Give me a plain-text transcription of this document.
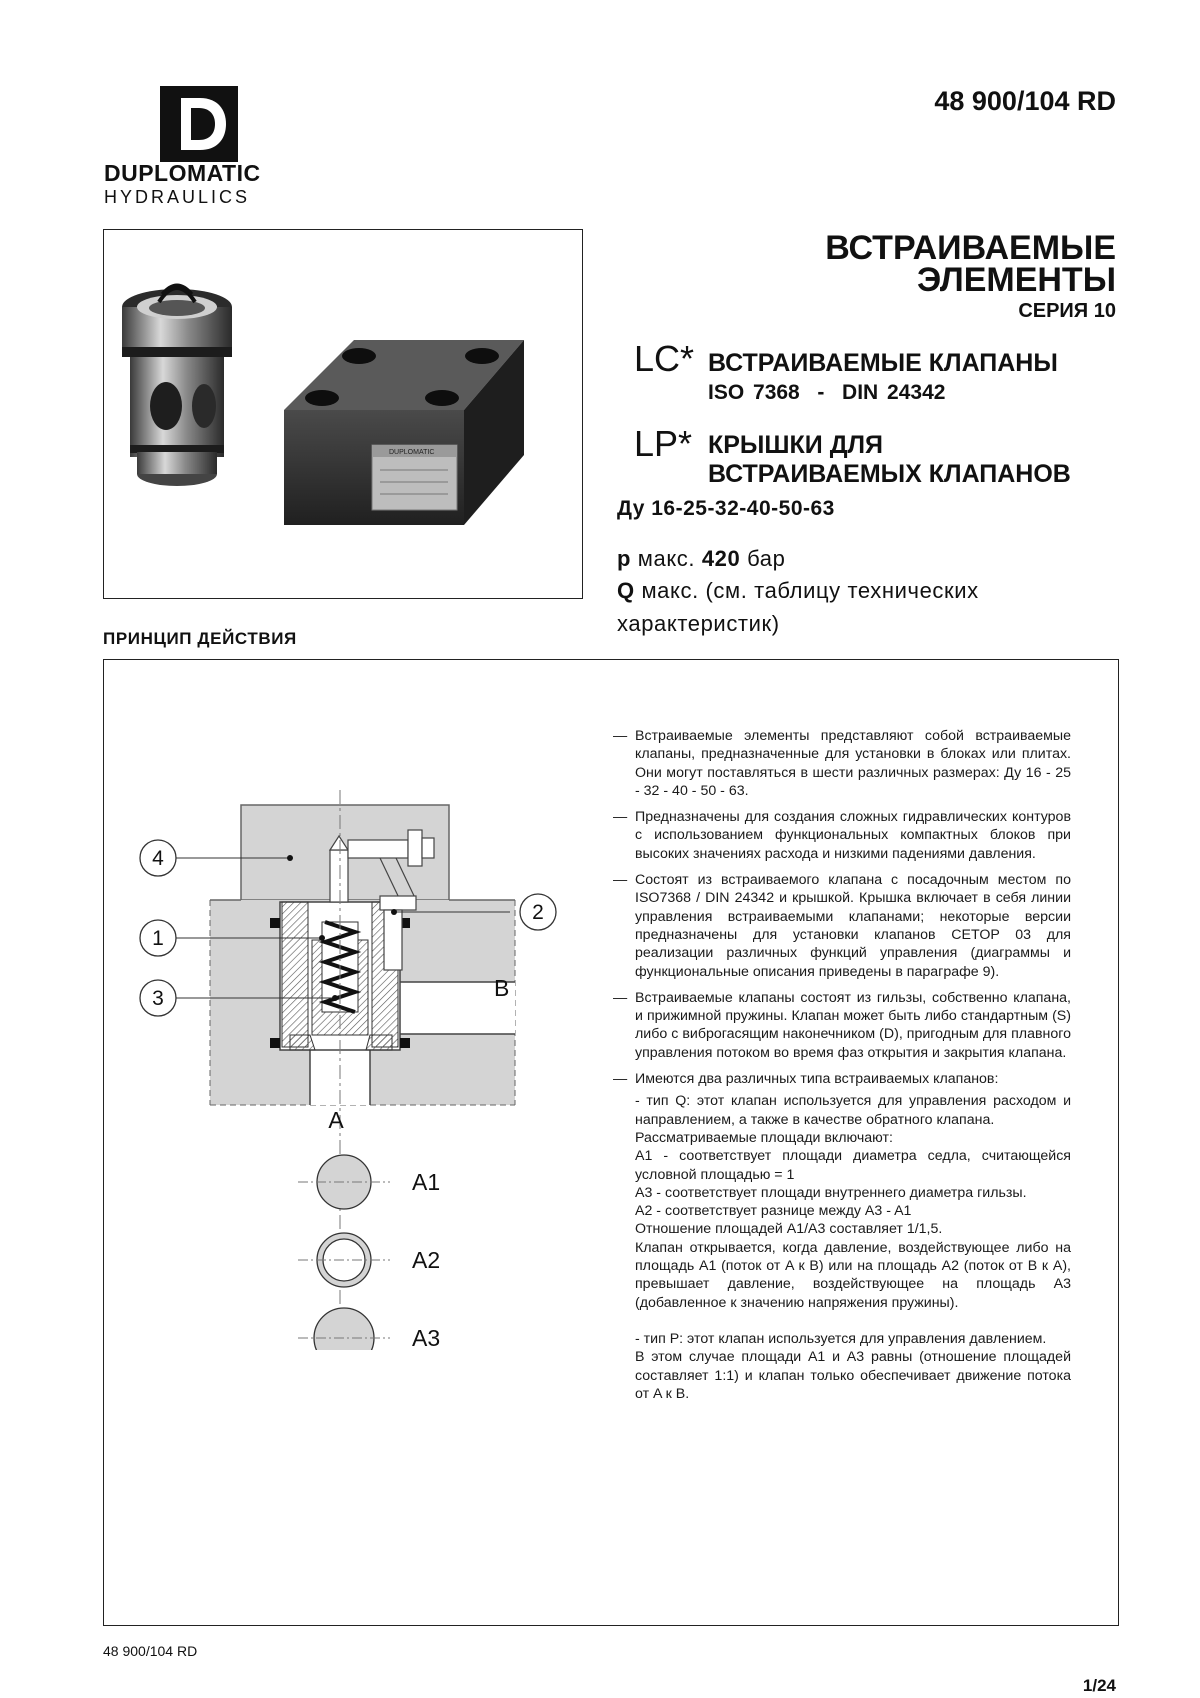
DUPLOMATIC
HYDRAULICS
48 900/104 RD
DUPLOMATIC
ВСТРАИВАЕМЫЕ
ЭЛЕМЕНТЫ
СЕРИЯ 10
LC* ВСТРАИВАЕМЫЕ КЛАПАНЫ
ISO 7368  -  DIN 24342
LP* КРЫШКИ ДЛЯ
ВСТРАИВАЕМЫХ КЛАПАНОВ
Ду 16-25-32-40-50-63
p макс. 420 бар
Q макс. (см. таблицу технических
характеристик)
ПРИНЦИП ДЕЙСТВИЯ
4
1
3
2
B
A
A1
A2
A3
— Встраиваемые элементы представляют собой встраиваемые клапаны, предназначенные для установки в блоках или плитах. Они могут поставляться в шести различных размерах: Ду 16 - 25 - 32 - 40 - 50 - 63.
— Предназначены для создания сложных гидравлических контуров с использованием функциональных компактных блоков при высоких значениях расхода и низкими падениями давления.
— Состоят из встраиваемого клапана с посадочным местом по ISO7368 / DIN 24342 и крышкой. Крышка включает в себя линии управления встраиваемыми клапанами; некоторые версии предназначены для установки клапанов CETOP 03 для реализации различных функций управления (диаграммы и функциональные описания приведены в параграфе 9).
— Встраиваемые клапаны состоят из гильзы, собственно клапана, и прижимной пружины. Клапан может быть либо стандартным (S) либо с виброгасящим наконечником (D), пригодным для плавного управления потоком во время фаз открытия и закрытия клапана.
— Имеются два различных типа встраиваемых клапанов:
- тип Q: этот клапан используется для управления расходом и направлением, а также в качестве обратного клапана.
Рассматриваемые площади включают:
A1 - соответствует площади диаметра седла, считающейся условной площадью = 1
A3 - соответствует площади внутреннего диаметра гильзы.
A2 - соответствует разнице между A3 - A1
Отношение площадей A1/A3 составляет 1/1,5.
Клапан открывается, когда давление, воздействующее либо на площадь A1 (поток от A к B) или на площадь A2 (поток от B к A), превышает давление, воздействующее на площадь A3 (добавленное к значению напряжения пружины).
- тип P: этот клапан используется для управления давлением.
В этом случае площади A1 и A3 равны (отношение площадей составляет 1:1) и клапан только обеспечивает движение потока от A к B.
48 900/104 RD
1/24
